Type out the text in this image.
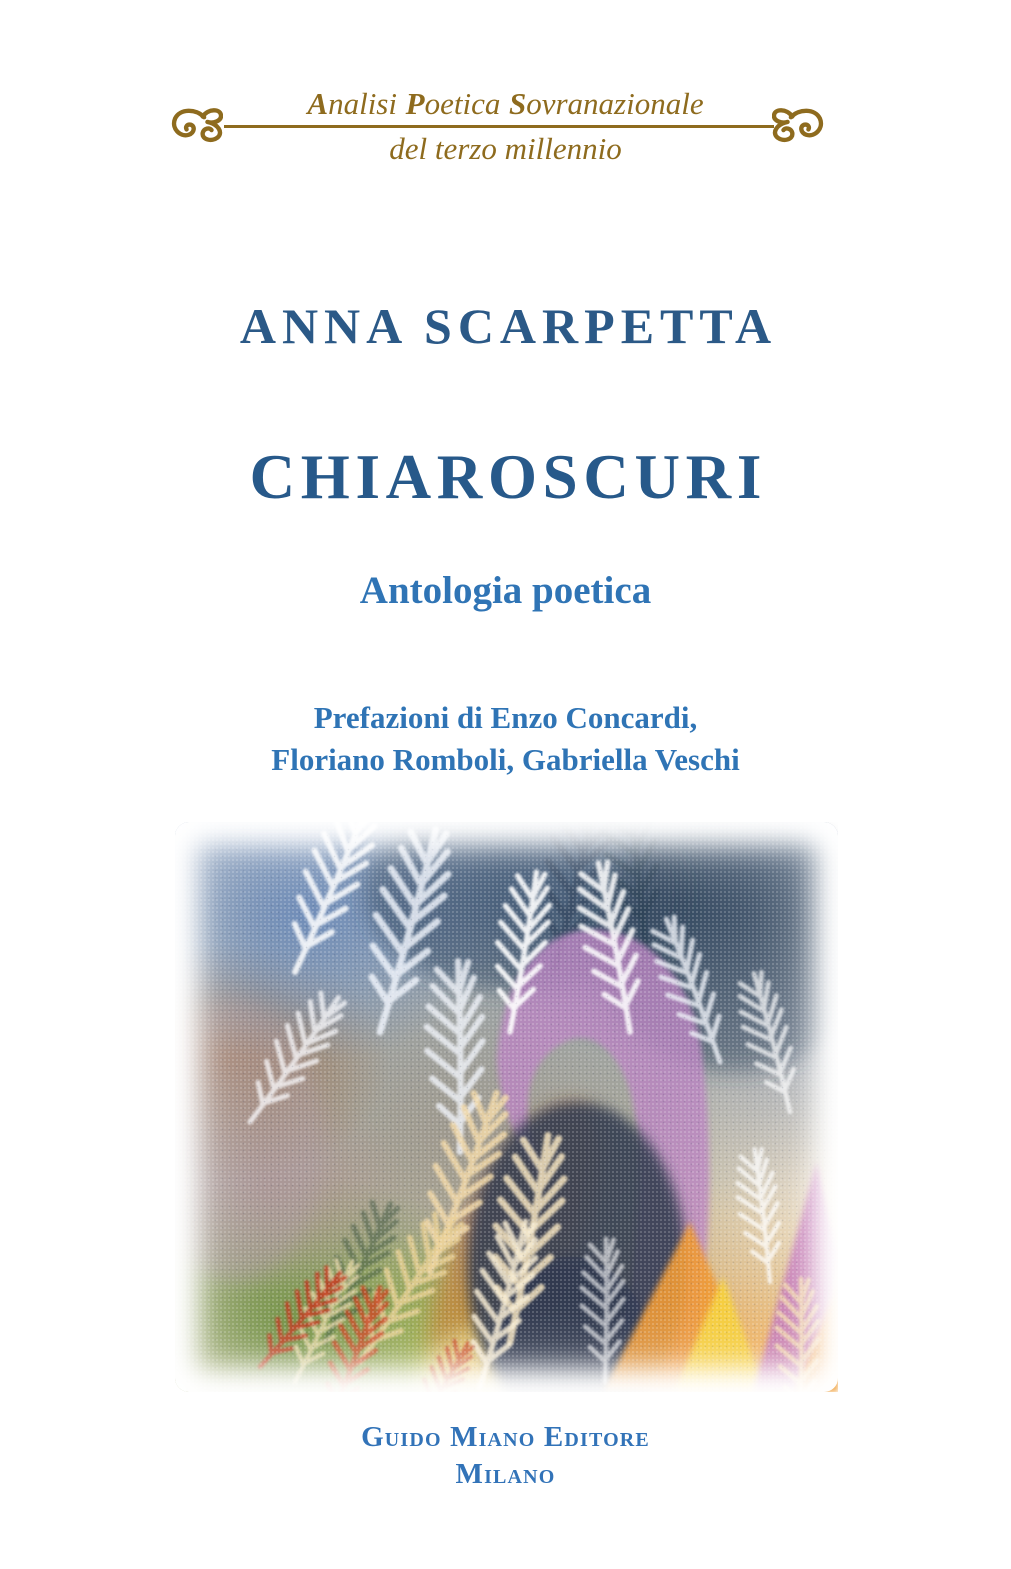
Analisi Poetica Sovranazionale
del terzo millennio
ANNA SCARPETTA
CHIAROSCURI
Antologia poetica
Prefazioni di Enzo Concardi,
Floriano Romboli, Gabriella Veschi
Guido Miano Editore
Milano
